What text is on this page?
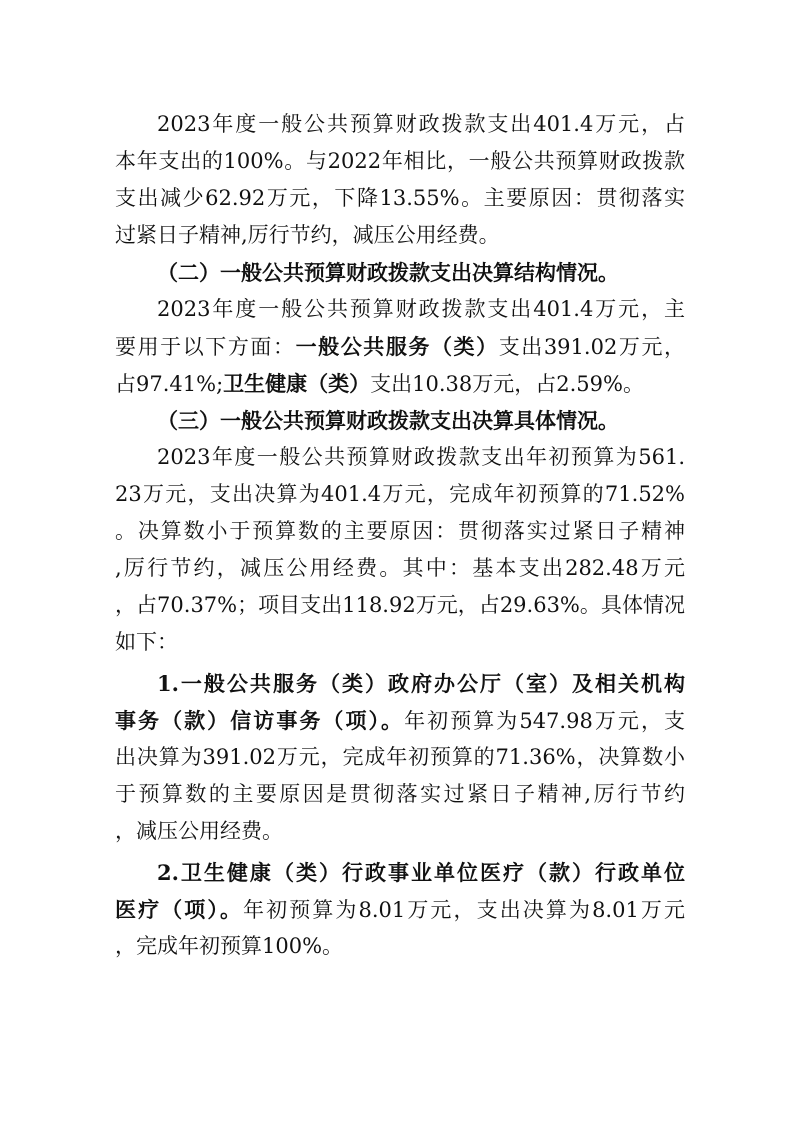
2023年度一般公共预算财政拨款支出401.4万元，占
本年支出的100%。与2022年相比，一般公共预算财政拨款
支出减少62.92万元，下降13.55%。主要原因：贯彻落实
过紧日子精神,厉行节约，减压公用经费。
（二）一般公共预算财政拨款支出决算结构情况。
2023年度一般公共预算财政拨款支出401.4万元，主
要用于以下方面：一般公共服务（类）支出391.02万元，
占97.41%;卫生健康（类）支出10.38万元，占2.59%。
（三）一般公共预算财政拨款支出决算具体情况。
2023年度一般公共预算财政拨款支出年初预算为561.
23万元，支出决算为401.4万元，完成年初预算的71.52%
。决算数小于预算数的主要原因：贯彻落实过紧日子精神
,厉行节约，减压公用经费。其中：基本支出282.48万元
，占70.37%；项目支出118.92万元，占29.63%。具体情况
如下：
1.一般公共服务（类）政府办公厅（室）及相关机构
事务（款）信访事务（项）。年初预算为547.98万元，支
出决算为391.02万元，完成年初预算的71.36%，决算数小
于预算数的主要原因是贯彻落实过紧日子精神,厉行节约
，减压公用经费。
2.卫生健康（类）行政事业单位医疗（款）行政单位
医疗（项）。年初预算为8.01万元，支出决算为8.01万元
，完成年初预算100%。
